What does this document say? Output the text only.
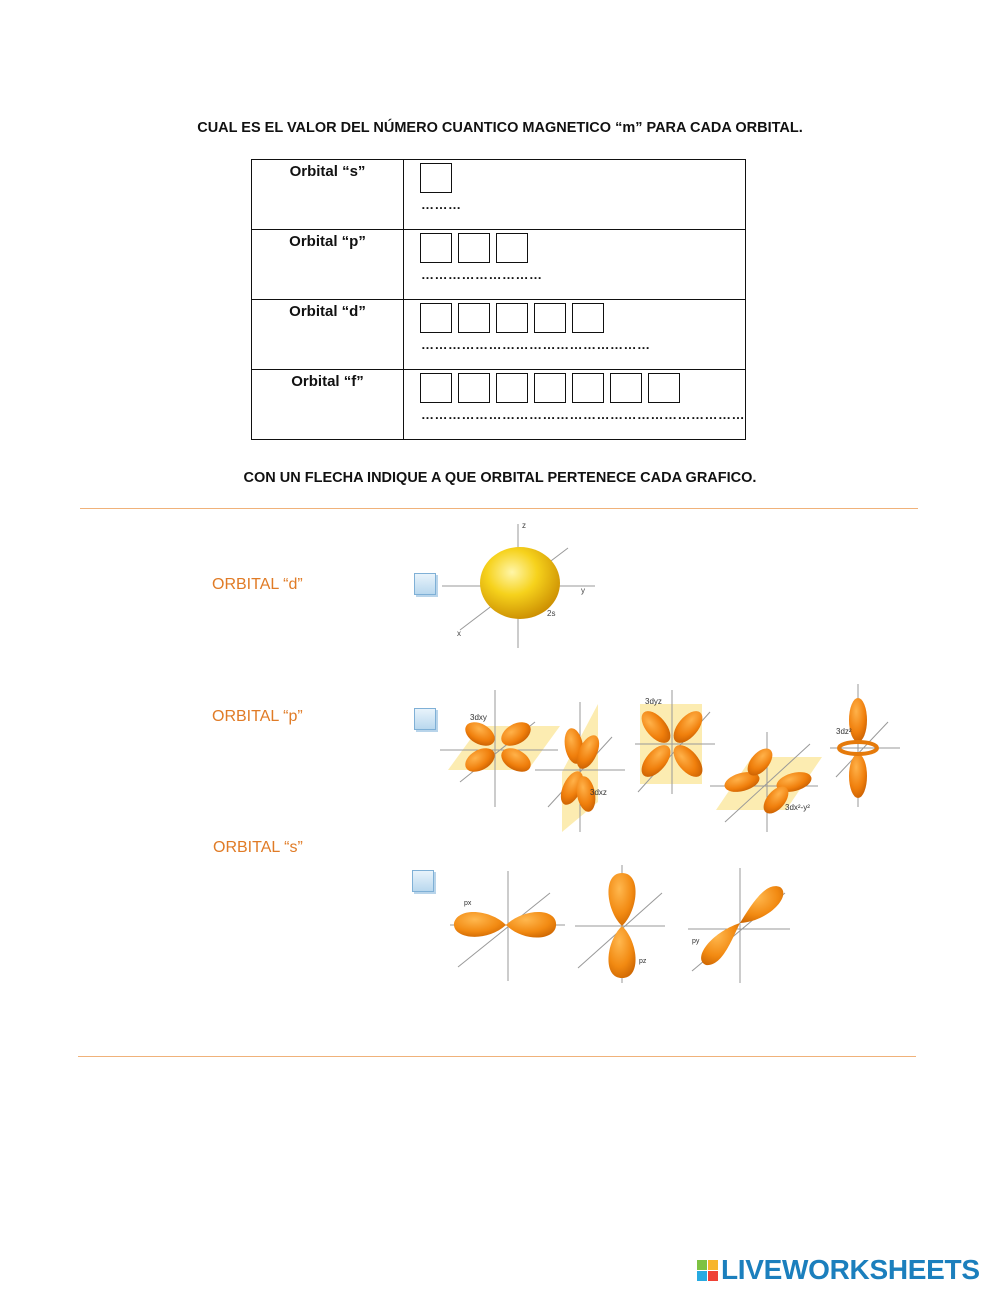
CUAL ES EL VALOR DEL NÚMERO CUANTICO MAGNETICO “m” PARA CADA ORBITAL.
Orbital “s”	………

Orbital “p”	………………………

Orbital “d”	……………………………………………

Orbital “f”	………………………………………………………………
CON UN FLECHA INDIQUE A QUE ORBITAL PERTENECE CADA GRAFICO.
ORBITAL “d”
ORBITAL “p”
ORBITAL “s”
z
y
x
2s
3dxy
3dxz
3dyz
3dx²-y²
3dz²
px
pz
py
LIVEWORKSHEETS
